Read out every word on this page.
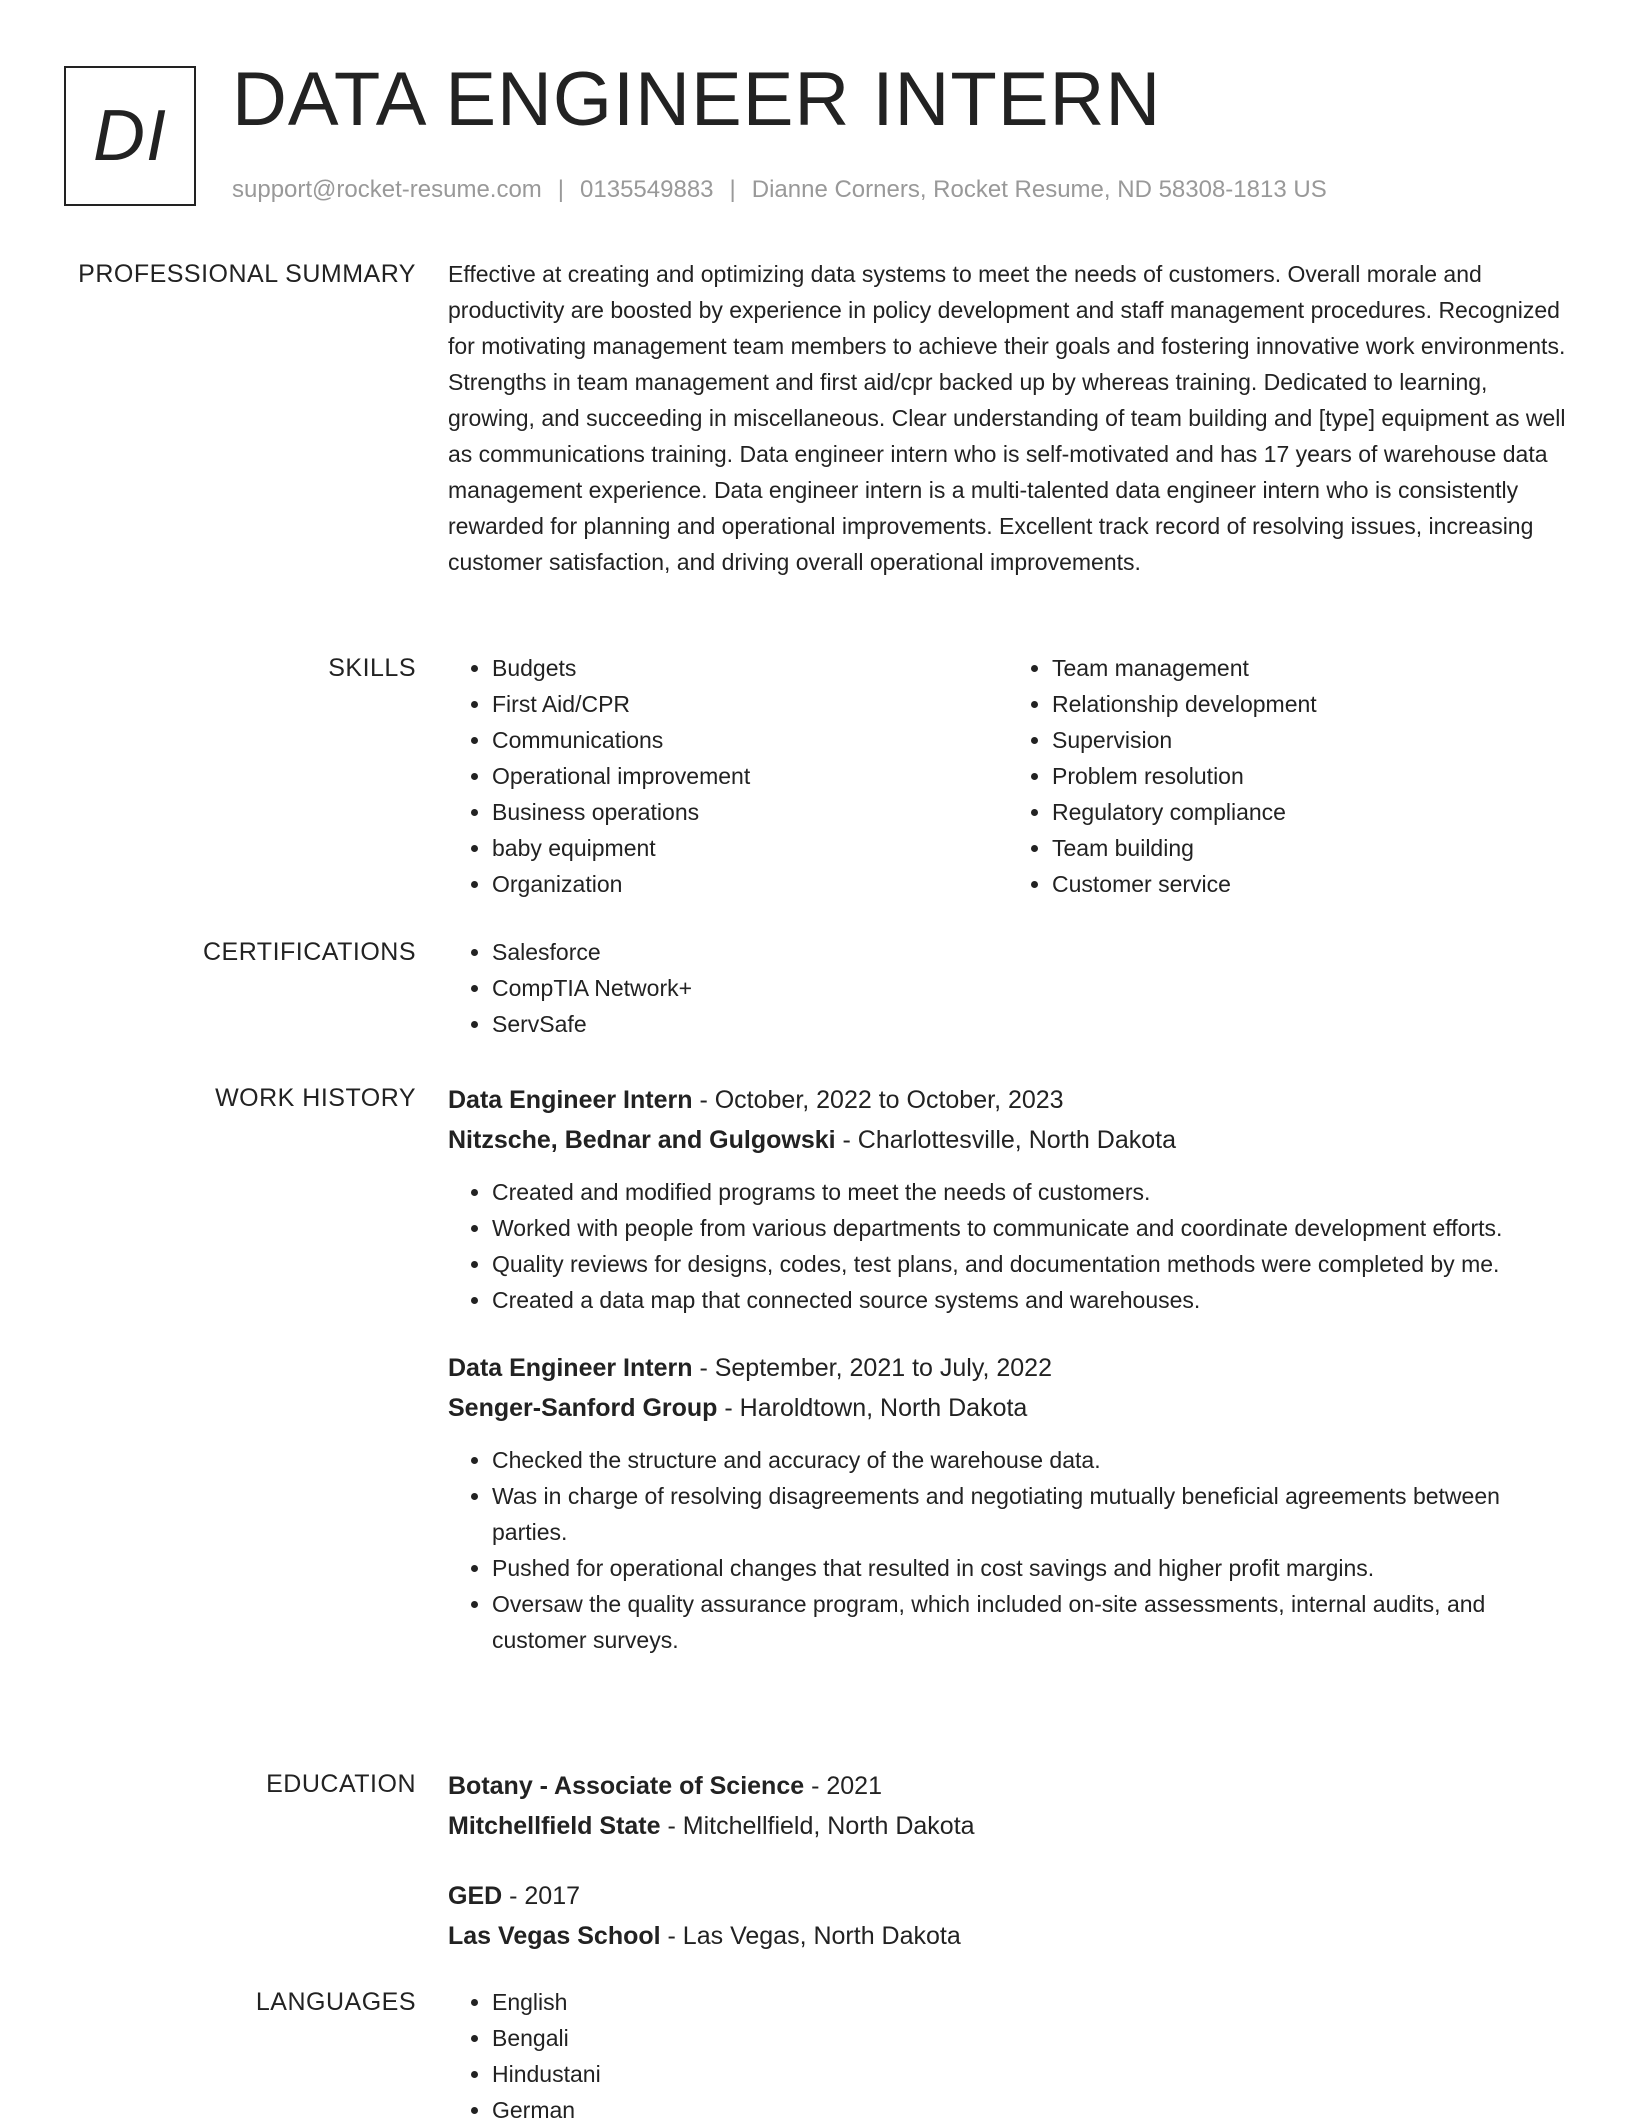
DI DATA ENGINEER INTERN
support@rocket-resume.com | 0135549883 | Dianne Corners, Rocket Resume, ND 58308-1813 US
PROFESSIONAL SUMMARY Effective at creating and optimizing data systems to meet the needs of customers. Overall morale and productivity are boosted by experience in policy development and staff management procedures. Recognized for motivating management team members to achieve their goals and fostering innovative work environments. Strengths in team management and first aid/cpr backed up by whereas training. Dedicated to learning, growing, and succeeding in miscellaneous. Clear understanding of team building and [type] equipment as well as communications training. Data engineer intern who is self-motivated and has 17 years of warehouse data management experience. Data engineer intern is a multi-talented data engineer intern who is consistently rewarded for planning and operational improvements. Excellent track record of resolving issues, increasing customer satisfaction, and driving overall operational improvements.

SKILLS	• Budgets
• First Aid/CPR
• Communications
• Operational improvement
• Business operations
• baby equipment
• Organization
• Team management
• Relationship development
• Supervision
• Problem resolution
• Regulatory compliance
• Team building
• Customer service
CERTIFICATIONS	• Salesforce
• CompTIA Network+
• ServSafe
WORK HISTORY Data Engineer Intern - October, 2022 to October, 2023
Nitzsche, Bednar and Gulgowski - Charlottesville, North Dakota
• Created and modified programs to meet the needs of customers.
• Worked with people from various departments to communicate and coordinate development efforts.
• Quality reviews for designs, codes, test plans, and documentation methods were completed by me.
• Created a data map that connected source systems and warehouses.
Data Engineer Intern - September, 2021 to July, 2022
Senger-Sanford Group - Haroldtown, North Dakota
• Checked the structure and accuracy of the warehouse data.
• Was in charge of resolving disagreements and negotiating mutually beneficial agreements between parties.
• Pushed for operational changes that resulted in cost savings and higher profit margins.
• Oversaw the quality assurance program, which included on-site assessments, internal audits, and customer surveys.
EDUCATION Botany - Associate of Science - 2021
Mitchellfield State - Mitchellfield, North Dakota
GED - 2017
Las Vegas School - Las Vegas, North Dakota
LANGUAGES	• English
• Bengali
• Hindustani
• German
